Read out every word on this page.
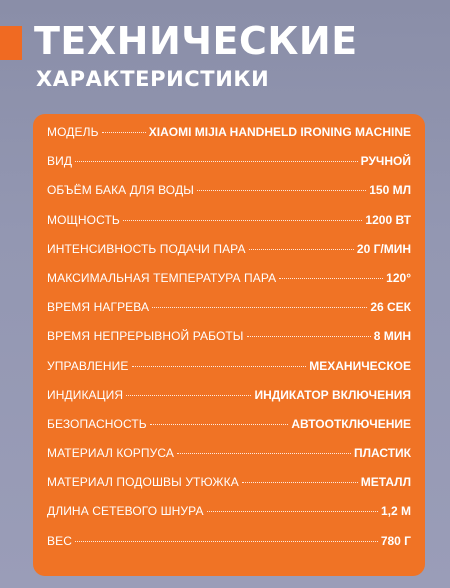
ТЕХНИЧЕСКИЕ
ХАРАКТЕРИСТИКИ
МОДЕЛЬ	XIAOMI MIJIA HANDHELD IRONING MACHINE
ВИД	РУЧНОЙ
ОБЪЁМ БАКА ДЛЯ ВОДЫ	150 МЛ
МОЩНОСТЬ	1200 ВТ
ИНТЕНСИВНОСТЬ ПОДАЧИ ПАРА	20 Г/МИН
МАКСИМАЛЬНАЯ ТЕМПЕРАТУРА ПАРА	120°
ВРЕМЯ НАГРЕВА	26 СЕК
ВРЕМЯ НЕПРЕРЫВНОЙ РАБОТЫ	8 МИН
УПРАВЛЕНИЕ	МЕХАНИЧЕСКОЕ
ИНДИКАЦИЯ	ИНДИКАТОР ВКЛЮЧЕНИЯ
БЕЗОПАСНОСТЬ	АВТООТКЛЮЧЕНИЕ
МАТЕРИАЛ КОРПУСА	ПЛАСТИК
МАТЕРИАЛ ПОДОШВЫ УТЮЖКА	МЕТАЛЛ
ДЛИНА СЕТЕВОГО ШНУРА	1,2 М
ВЕС	780 Г
